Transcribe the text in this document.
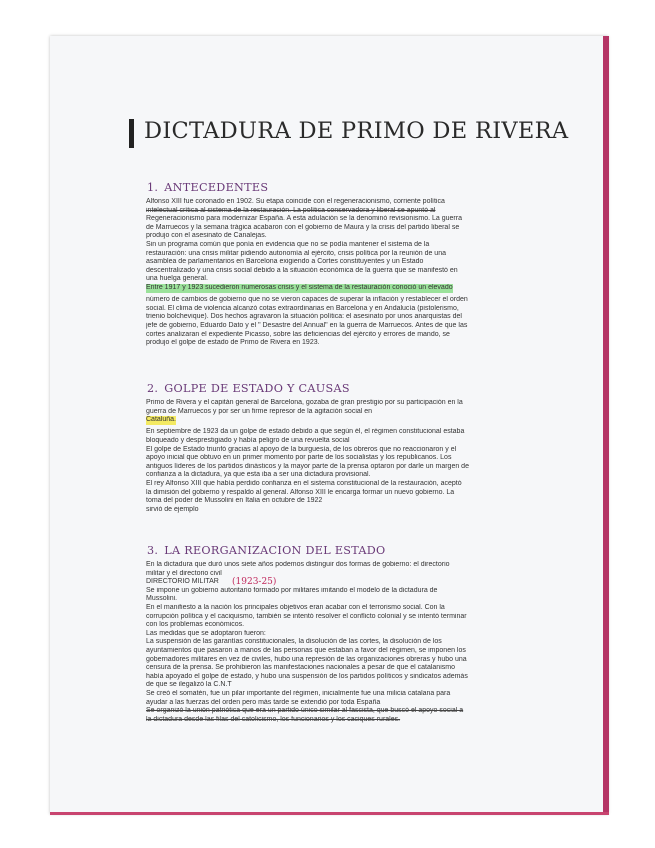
DICTADURA DE PRIMO DE RIVERA
1. ANTECEDENTES

Alfonso XIII fue coronado en 1902. Su etapa coincide con el regeneracionismo, corriente política

intelectual crítica al sistema de la restauración. La política conservadora y liberal se apuntó al

Regeneracionismo para modernizar España. A esta adulación se la denominó revisionismo. La guerra

de Marruecos y la semana trágica acabaron con el gobierno de Maura y la crisis del partido liberal se

produjo con el asesinato de Canalejas.

Sin un programa común que ponía en evidencia que no se podía mantener el sistema de la

restauración: una crisis militar pidiendo autonomía al ejército, crisis política por la reunión de una

asamblea de parlamentarios en Barcelona exigiendo a Cortes constituyentes y un Estado

descentralizado y una crisis social debido a la situación económica de la guerra que se manifestó en

una huelga general.

Entre 1917 y 1923 sucedieron numerosas crisis y el sistema de la restauración conoció un elevado

número de cambios de gobierno que no se vieron capaces de superar la inflación y restablecer el orden

social. El clima de violencia alcanzó cotas extraordinarias en Barcelona y en Andalucía (pistolerismo,

trienio bolchevique). Dos hechos agravaron la situación política: el asesinato por unos anarquistas del

jefe de gobierno, Eduardo Dato y el " Desastre del Annual" en la guerra de Marruecos. Antes de que las

cortes analizaran el expediente Picasso, sobre las deficiencias del ejército y errores de mando, se

produjo el golpe de estado de Primo de Rivera en 1923.

2. GOLPE DE ESTADO Y CAUSAS

Primo de Rivera y el capitán general de Barcelona, gozaba de gran prestigio por su participación en la

guerra de Marruecos y por ser un firme represor de la agitación social en

Cataluña.

En septiembre de 1923 da un golpe de estado debido a que según él, el régimen constitucional estaba

bloqueado y desprestigiado y había peligro de una revuelta social

El golpe de Estado triunfó gracias al apoyo de la burguesía, de los obreros que no reaccionaron y el

apoyo inicial que obtuvo en un primer momento por parte de los socialistas y los republicanos. Los

antiguos líderes de los partidos dinásticos y la mayor parte de la prensa optaron por darle un margen de

confianza a la dictadura, ya que esta iba a ser una dictadura provisional.

El rey Alfonso XIII que había perdido confianza en el sistema constitucional de la restauración, aceptó

la dimisión del gobierno y respaldo al general. Alfonso XIII le encarga formar un nuevo gobierno. La

toma del poder de Mussolini en Italia en octubre de 1922

sirvió de ejemplo

3. LA REORGANIZACION DEL ESTADO

En la dictadura que duró unos siete años podemos distinguir dos formas de gobierno: el directorio

militar y el directorio civil

DIRECTORIO MILITAR

Se impone un gobierno autoritario formado por militares imitando el modelo de la dictadura de

Mussolini.

En el manifiesto a la nación los principales objetivos eran acabar con el terrorismo social. Con la

corrupción política y el caciquismo, también se intentó resolver el conflicto colonial y se intentó terminar

con los problemas económicos.

Las medidas que se adoptaron fueron:

La suspensión de las garantías constitucionales, la disolución de las cortes, la disolución de los

ayuntamientos que pasaron a manos de las personas que estaban a favor del régimen, se imponen los

gobernadores militares en vez de civiles, hubo una represión de las organizaciones obreras y hubo una

censura de la prensa. Se prohibieron las manifestaciones nacionales a pesar de que el catalanismo

había apoyado el golpe de estado, y hubo una suspensión de los partidos políticos y sindicatos además

de que se ilegalizó la C.N.T

Se creó el somatén, fue un pilar importante del régimen, inicialmente fue una milicia catalana para

ayudar a las fuerzas del orden pero más tarde se extendió por toda España

Se organizó la unión patriótica que era un partido único similar al fascista, que buscó el apoyo social a

la dictadura desde las filas del catolicismo, los funcionarios y los caciques rurales.

(1923-25)
